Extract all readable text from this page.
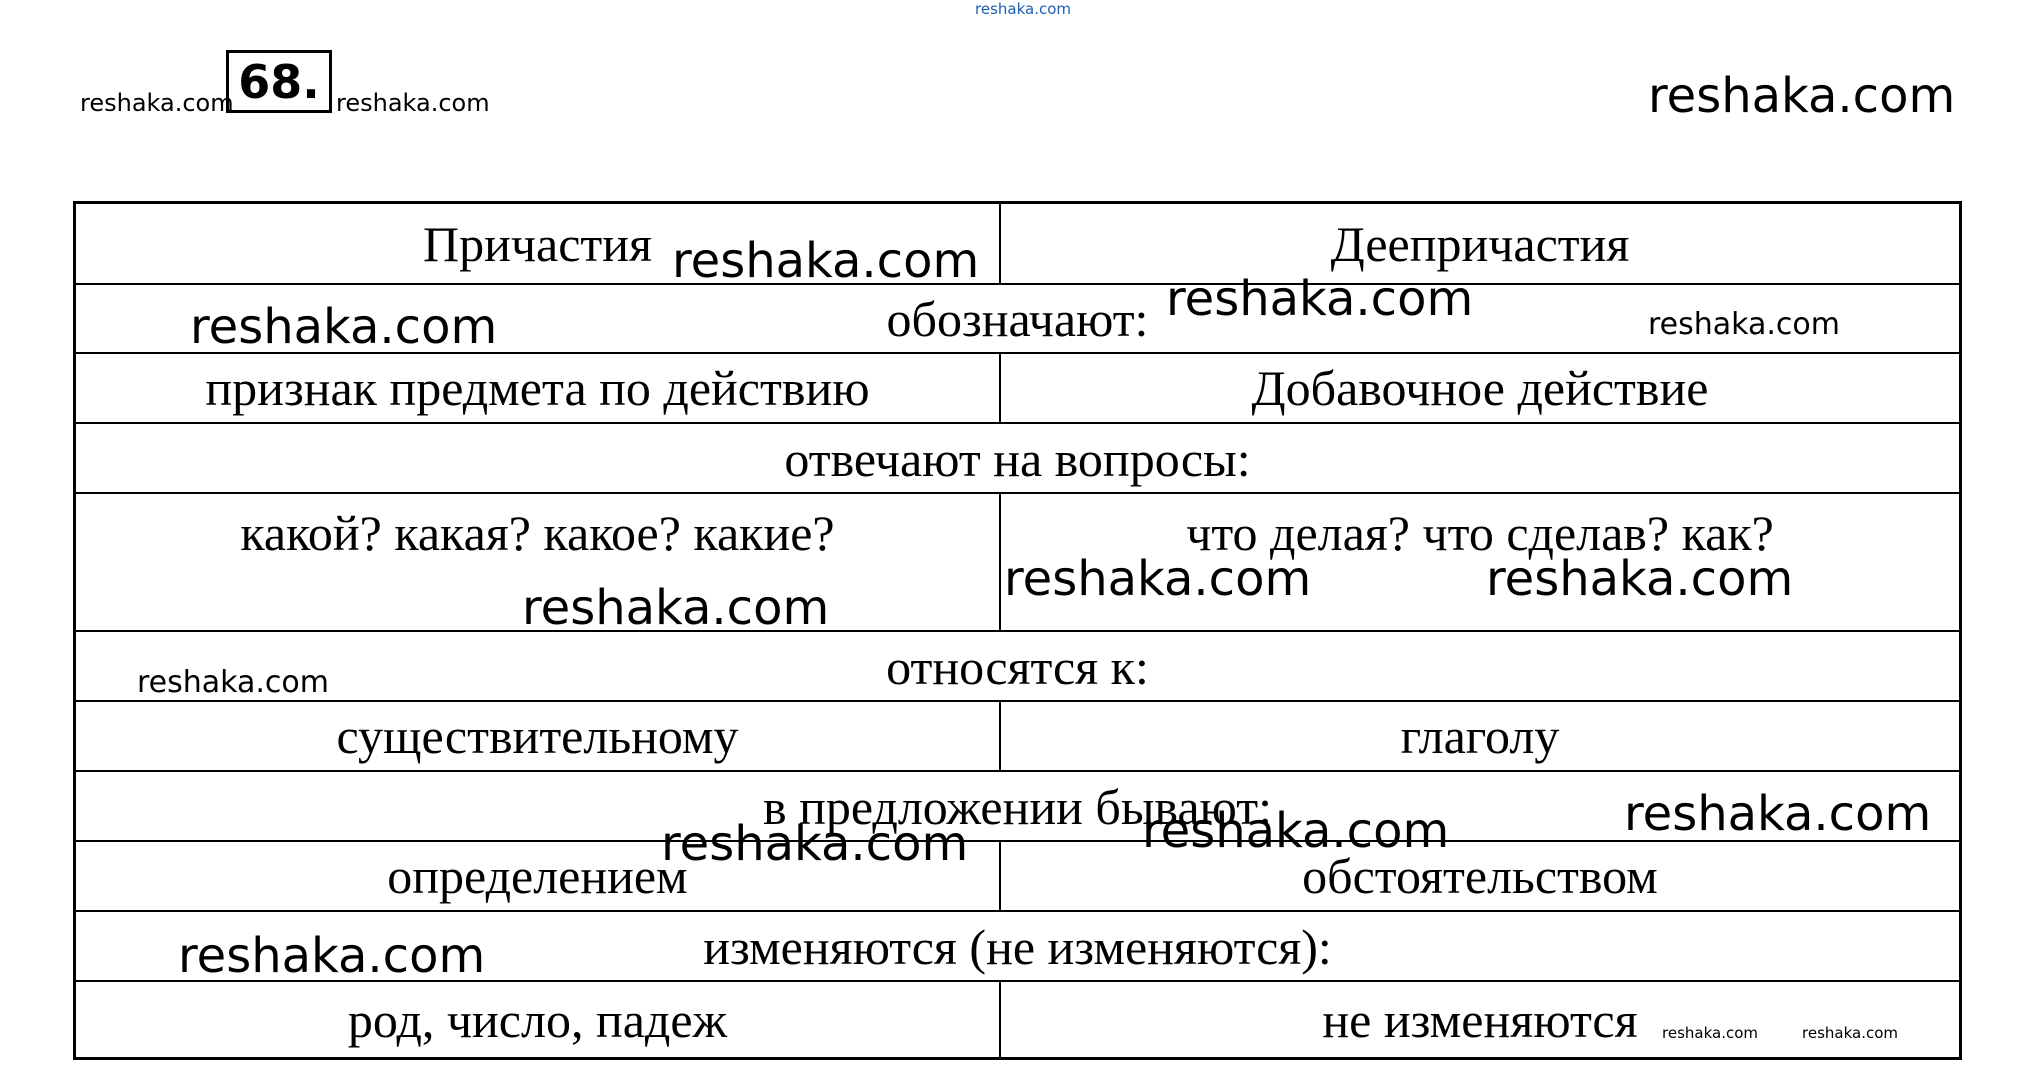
reshaka.com
reshaka.com 68. reshaka.com	reshaka.com
Причастия	Деепричастия
обозначают:
признак предмета по действию	Добавочное действие
отвечают на вопросы:
какой? какая? какое? какие?	что делая? что сделав? как?
относятся к:
существительному	глаголу
в предложении бывают:
определением	обстоятельством
изменяются (не изменяются):
род, число, падеж	не изменяются
reshaka.com
reshaka.com
reshaka.com	reshaka.com
reshaka.com	reshaka.com
reshaka.com
reshaka.com
reshaka.com
reshaka.com
reshaka.com
reshaka.com
reshaka.com	reshaka.com
